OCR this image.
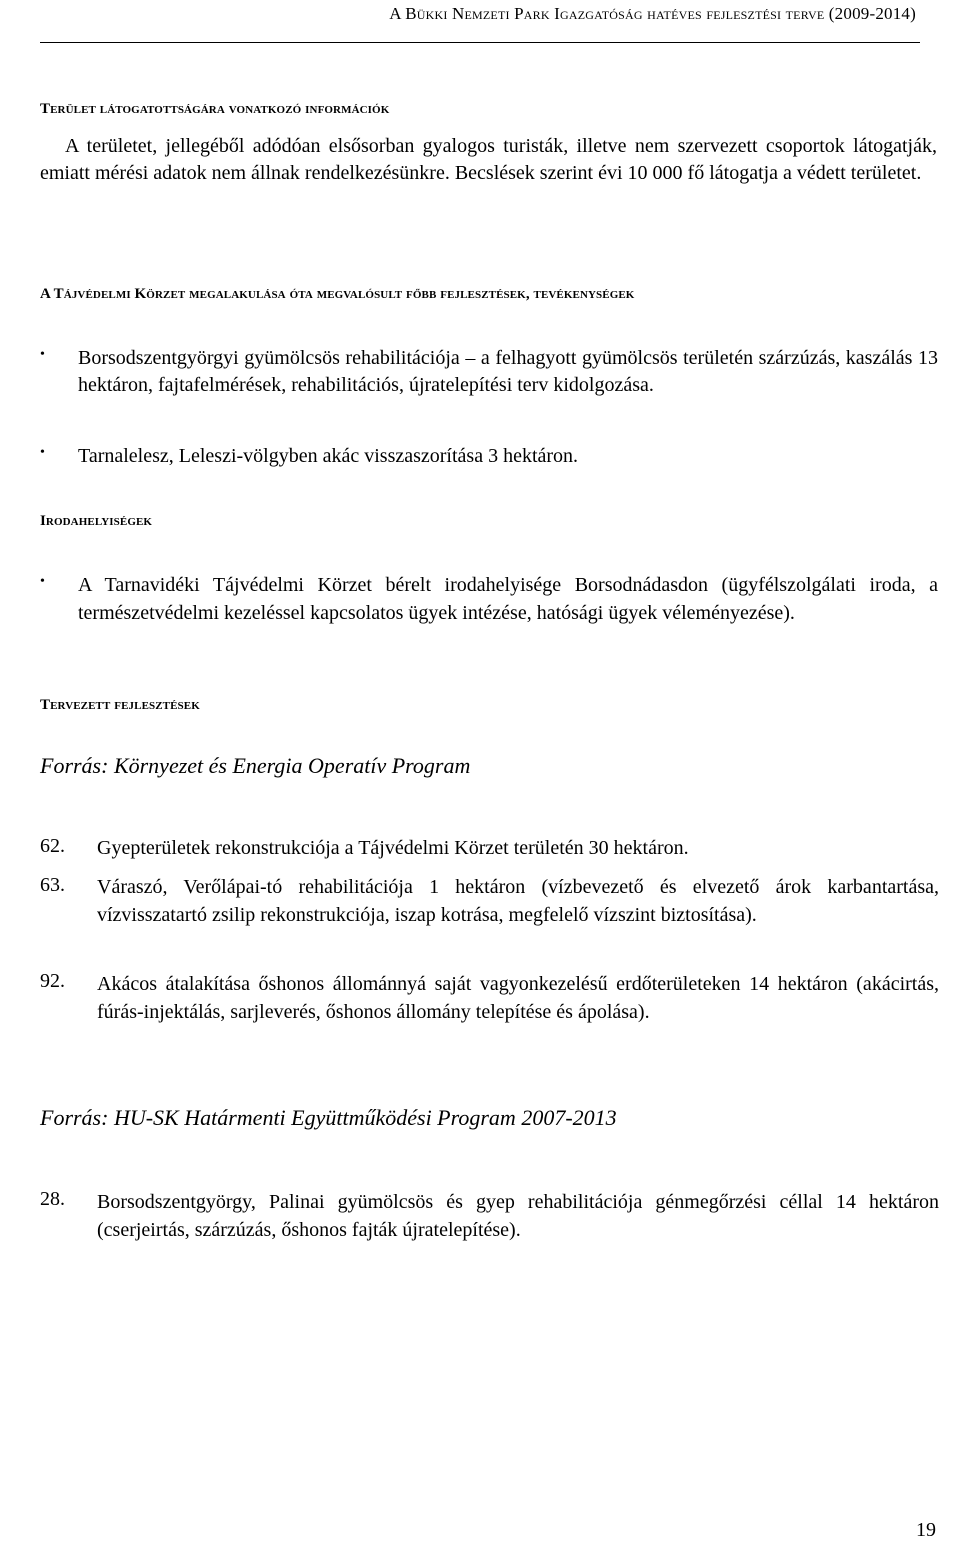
A Bükki Nemzeti Park Igazgatóság hatéves fejlesztési terve (2009-2014)
Terület látogatottságára vonatkozó információk
A területet, jellegéből adódóan elsősorban gyalogos turisták, illetve nem szervezett csoportok látogatják, emiatt mérési adatok nem állnak rendelkezésünkre. Becslések szerint évi 10 000 fő látogatja a védett területet.
A Tájvédelmi Körzet megalakulása óta megvalósult főbb fejlesztések, tevékenységek
• Borsodszentgyörgyi gyümölcsös rehabilitációja – a felhagyott gyümölcsös területén szárzúzás, kaszálás 13 hektáron, fajtafelmérések, rehabilitációs, újratelepítési terv kidolgozása.
• Tarnalelesz, Leleszi-völgyben akác visszaszorítása 3 hektáron.
Irodahelyiségek
• A Tarnavidéki Tájvédelmi Körzet bérelt irodahelyisége Borsodnádasdon (ügyfélszolgálati iroda, a természetvédelmi kezeléssel kapcsolatos ügyek intézése, hatósági ügyek véleményezése).
Tervezett fejlesztések
Forrás: Környezet és Energia Operatív Program
62. Gyepterületek rekonstrukciója a Tájvédelmi Körzet területén 30 hektáron.
63. Váraszó, Verőlápai-tó rehabilitációja 1 hektáron (vízbevezető és elvezető árok karbantartása, vízvisszatartó zsilip rekonstrukciója, iszap kotrása, megfelelő vízszint biztosítása).
92. Akácos átalakítása őshonos állománnyá saját vagyonkezelésű erdőterületeken 14 hektáron (akácirtás, fúrás-injektálás, sarjleverés, őshonos állomány telepítése és ápolása).
Forrás: HU-SK Határmenti Együttműködési Program 2007-2013
28. Borsodszentgyörgy, Palinai gyümölcsös és gyep rehabilitációja génmegőrzési céllal 14 hektáron (cserjeirtás, szárzúzás, őshonos fajták újratelepítése).
19
